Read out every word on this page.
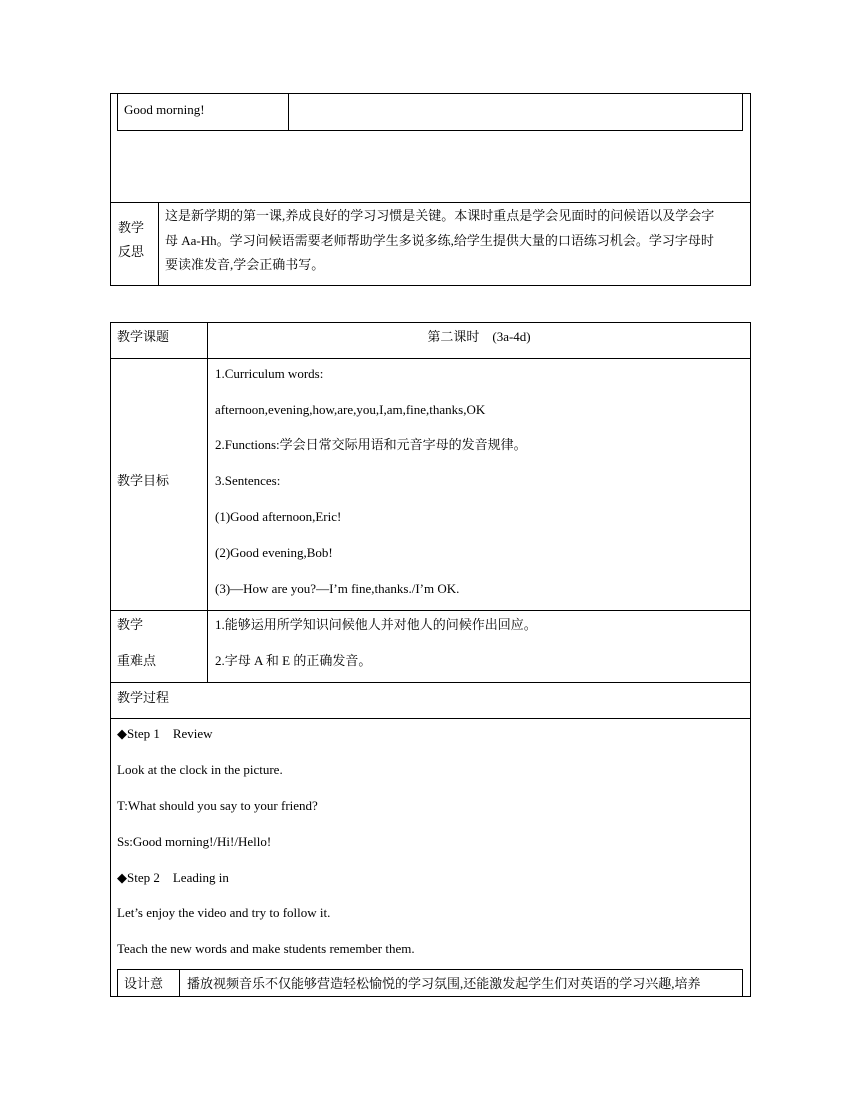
Good morning!
教学
反思
这是新学期的第一课,养成良好的学习习惯是关键。本课时重点是学会见面时的问候语以及学会字
母 Aa-Hh。学习问候语需要老师帮助学生多说多练,给学生提供大量的口语练习机会。学习字母时
要读准发音,学会正确书写。
教学课题	第二课时　(3a-4d)
教学目标
1.Curriculum words:
afternoon,evening,how,are,you,I,am,fine,thanks,OK
2.Functions:学会日常交际用语和元音字母的发音规律。
3.Sentences:
(1)Good afternoon,Eric!
(2)Good evening,Bob!
(3)—How are you?—I’m fine,thanks./I’m OK.
教学
重难点
1.能够运用所学知识问候他人并对他人的问候作出回应。
2.字母 A 和 E 的正确发音。
教学过程
◆Step 1　Review
Look at the clock in the picture.
T:What should you say to your friend?
Ss:Good morning!/Hi!/Hello!
◆Step 2　Leading in
Let’s enjoy the video and try to follow it.
Teach the new words and make students remember them.
设计意 播放视频音乐不仅能够营造轻松愉悦的学习氛围,还能激发起学生们对英语的学习兴趣,培养
